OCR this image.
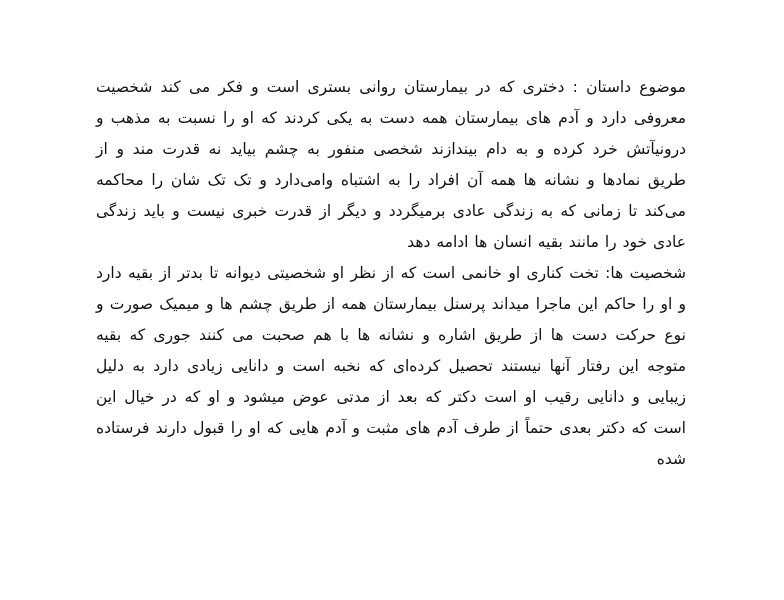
موضوع داستان : دختری که در بیمارستان روانی بستری است و فکر می کند شخصیت معروفی دارد و آدم های بیمارستان همه دست به یکی کردند که او را نسبت به مذهب و درونیآتش خرد کرده و به دام بیندازند شخصی منفور به چشم بیاید نه قدرت مند و از طریق نمادها و نشانه ها همه آن افراد را به اشتباه وامی‌دارد و تک تک شان را محاکمه می‌کند تا زمانی که به زندگی عادی برمیگردد و دیگر از قدرت خبری نیست و باید زندگی عادی خود را مانند بقیه انسان ها ادامه دهد

شخصیت ها: تخت کناری او خانمی است که از نظر او شخصیتی دیوانه تا بدتر از بقیه دارد و او را حاکم این ماجرا میداند پرسنل بیمارستان همه از طریق چشم ها و میمیک صورت و نوع حرکت دست ها از طریق اشاره و نشانه ها با هم صحبت می کنند جوری که بقیه متوجه این رفتار آنها نیستند تحصیل کرده‌ای که نخبه است و دانایی زیادی دارد به دلیل زیبایی و دانایی رقیب او است دکتر که بعد از مدتی عوض میشود و او که در خیال این است که دکتر بعدی حتماً از طرف آدم های مثبت و آدم هایی که او را قبول دارند فرستاده شده
